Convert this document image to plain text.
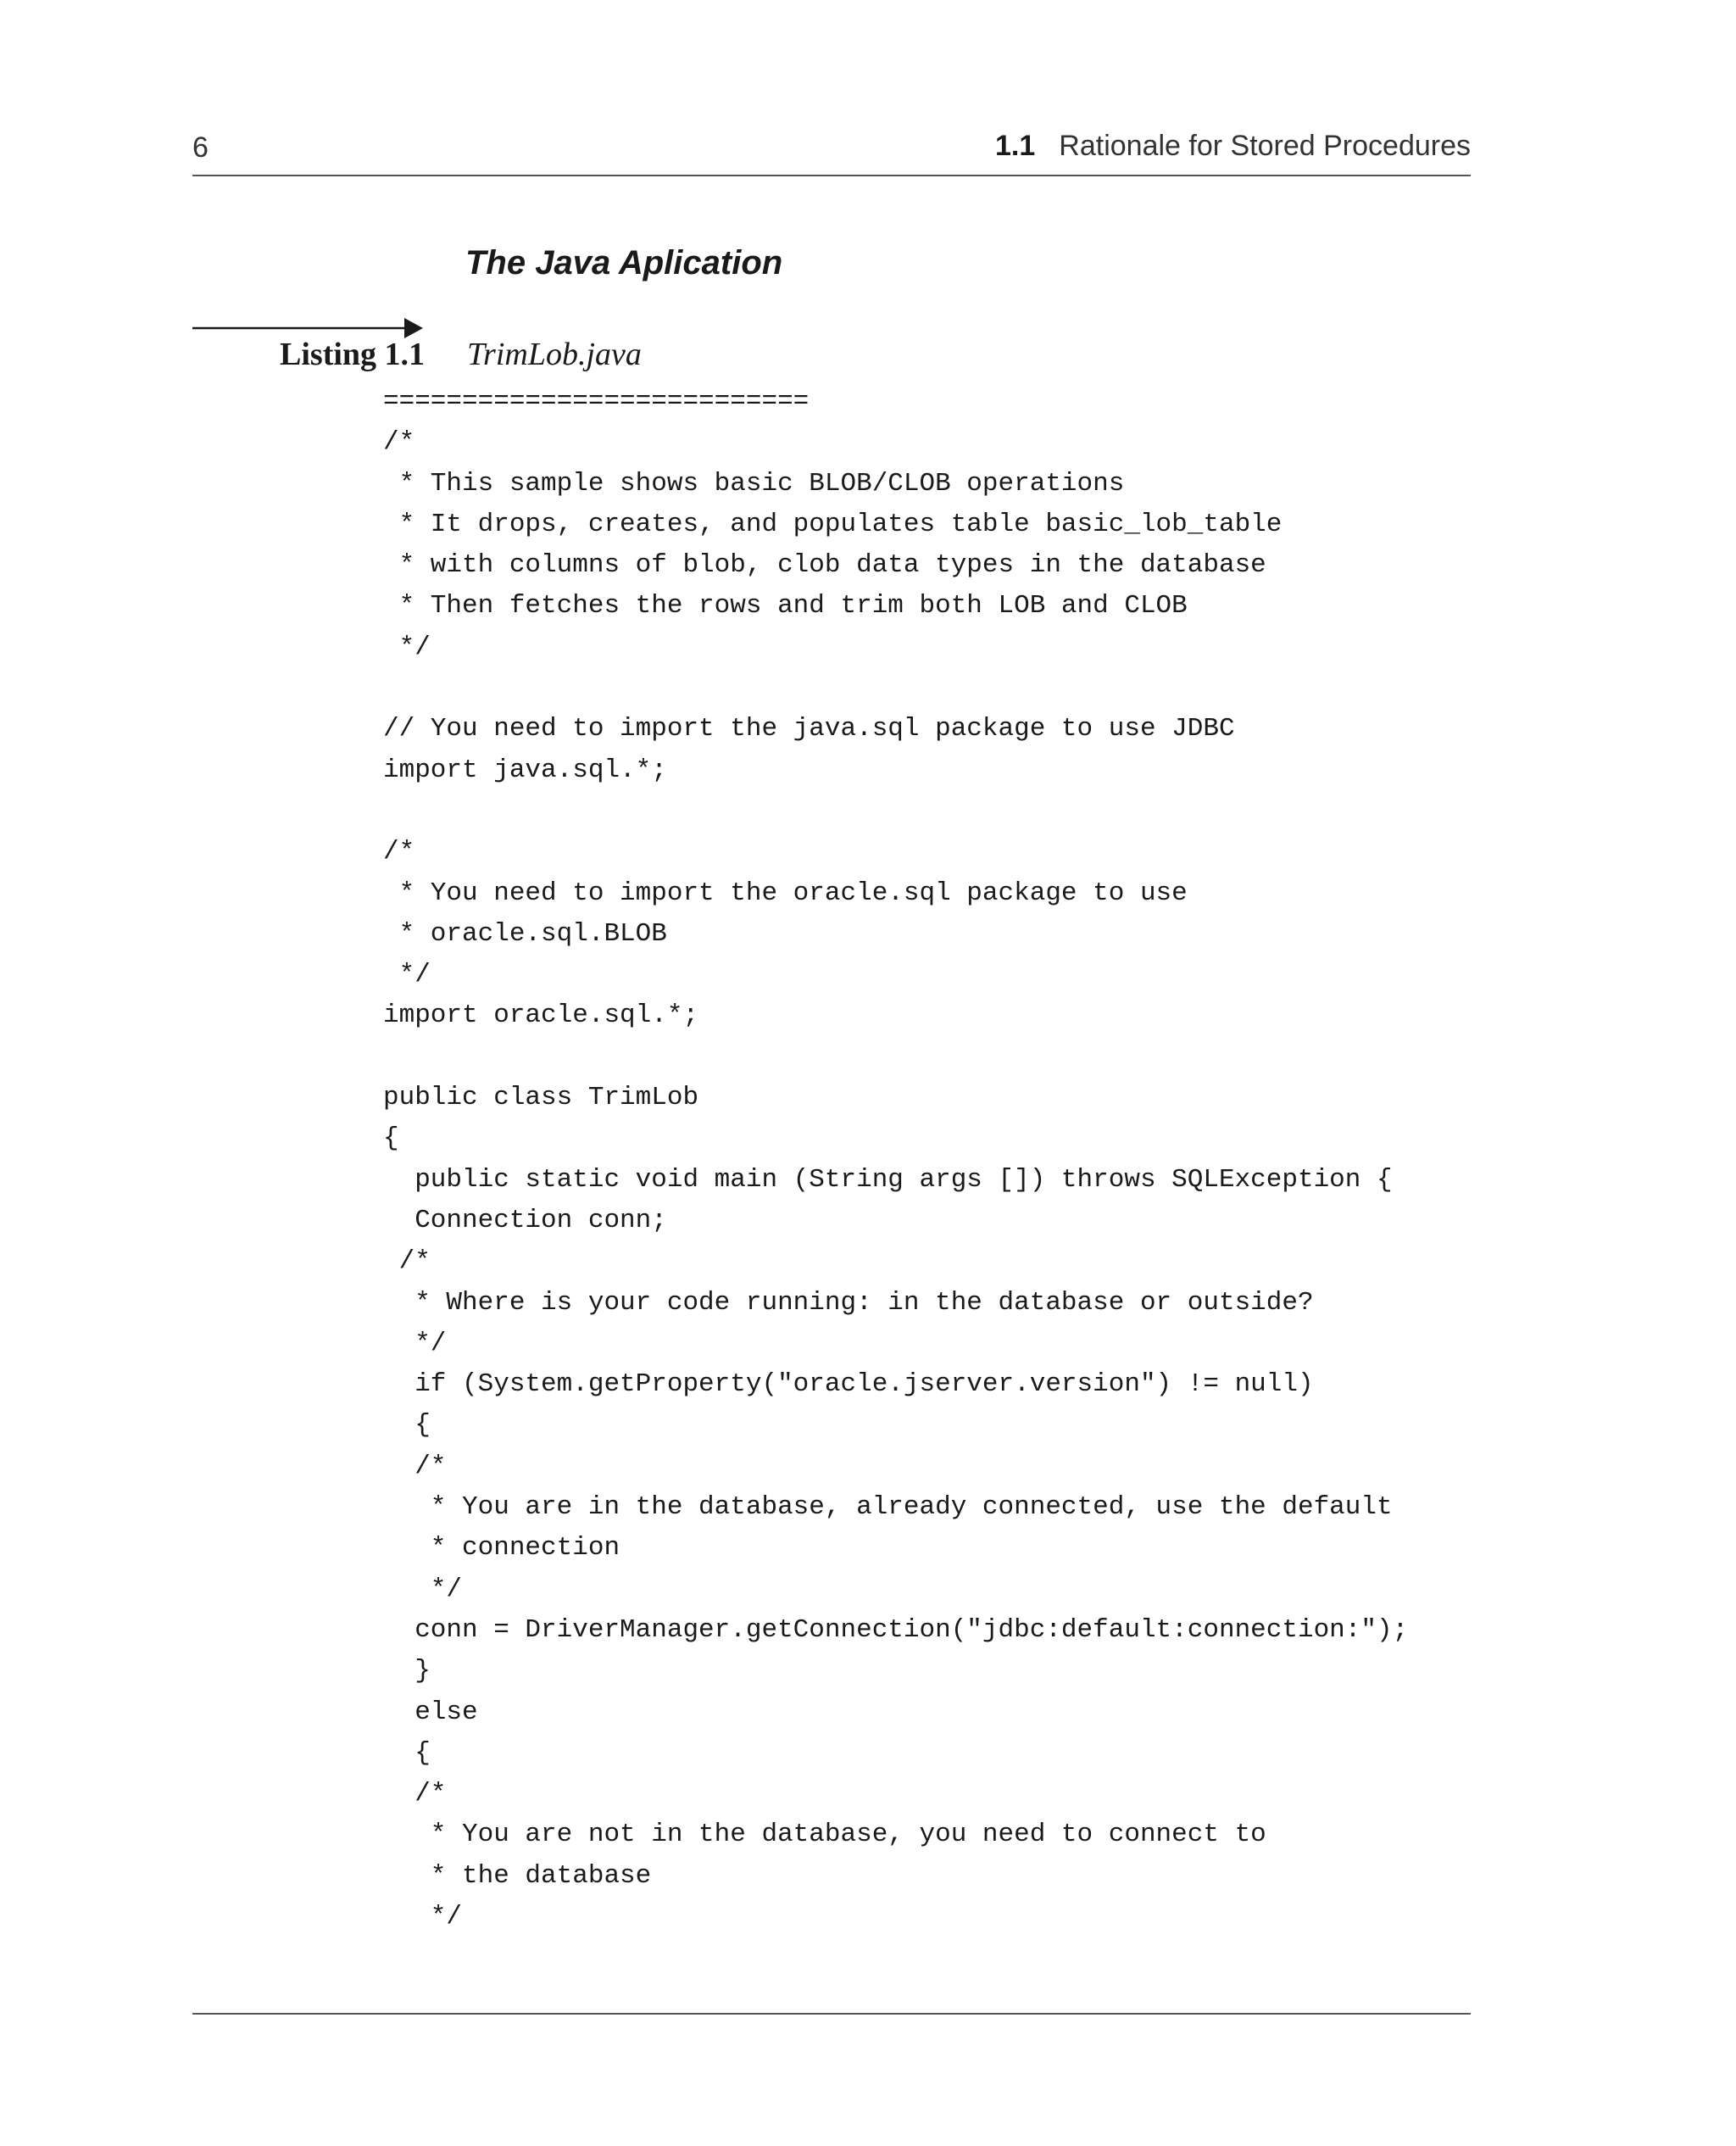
6	1.1 Rationale for Stored Procedures
The Java Aplication
Listing 1.1 TrimLob.java
===========================
/*
* This sample shows basic BLOB/CLOB operations
* It drops, creates, and populates table basic_lob_table
* with columns of blob, clob data types in the database
* Then fetches the rows and trim both LOB and CLOB
*/
// You need to import the java.sql package to use JDBC
import java.sql.*;
/*
* You need to import the oracle.sql package to use
* oracle.sql.BLOB
*/
import oracle.sql.*;
public class TrimLob
{
public static void main (String args []) throws SQLException {
Connection conn;
/*
* Where is your code running: in the database or outside?
*/
if (System.getProperty("oracle.jserver.version") != null)
{
/*
* You are in the database, already connected, use the default
* connection
*/
conn = DriverManager.getConnection("jdbc:default:connection:");
}
else
{
/*
* You are not in the database, you need to connect to
* the database
*/
